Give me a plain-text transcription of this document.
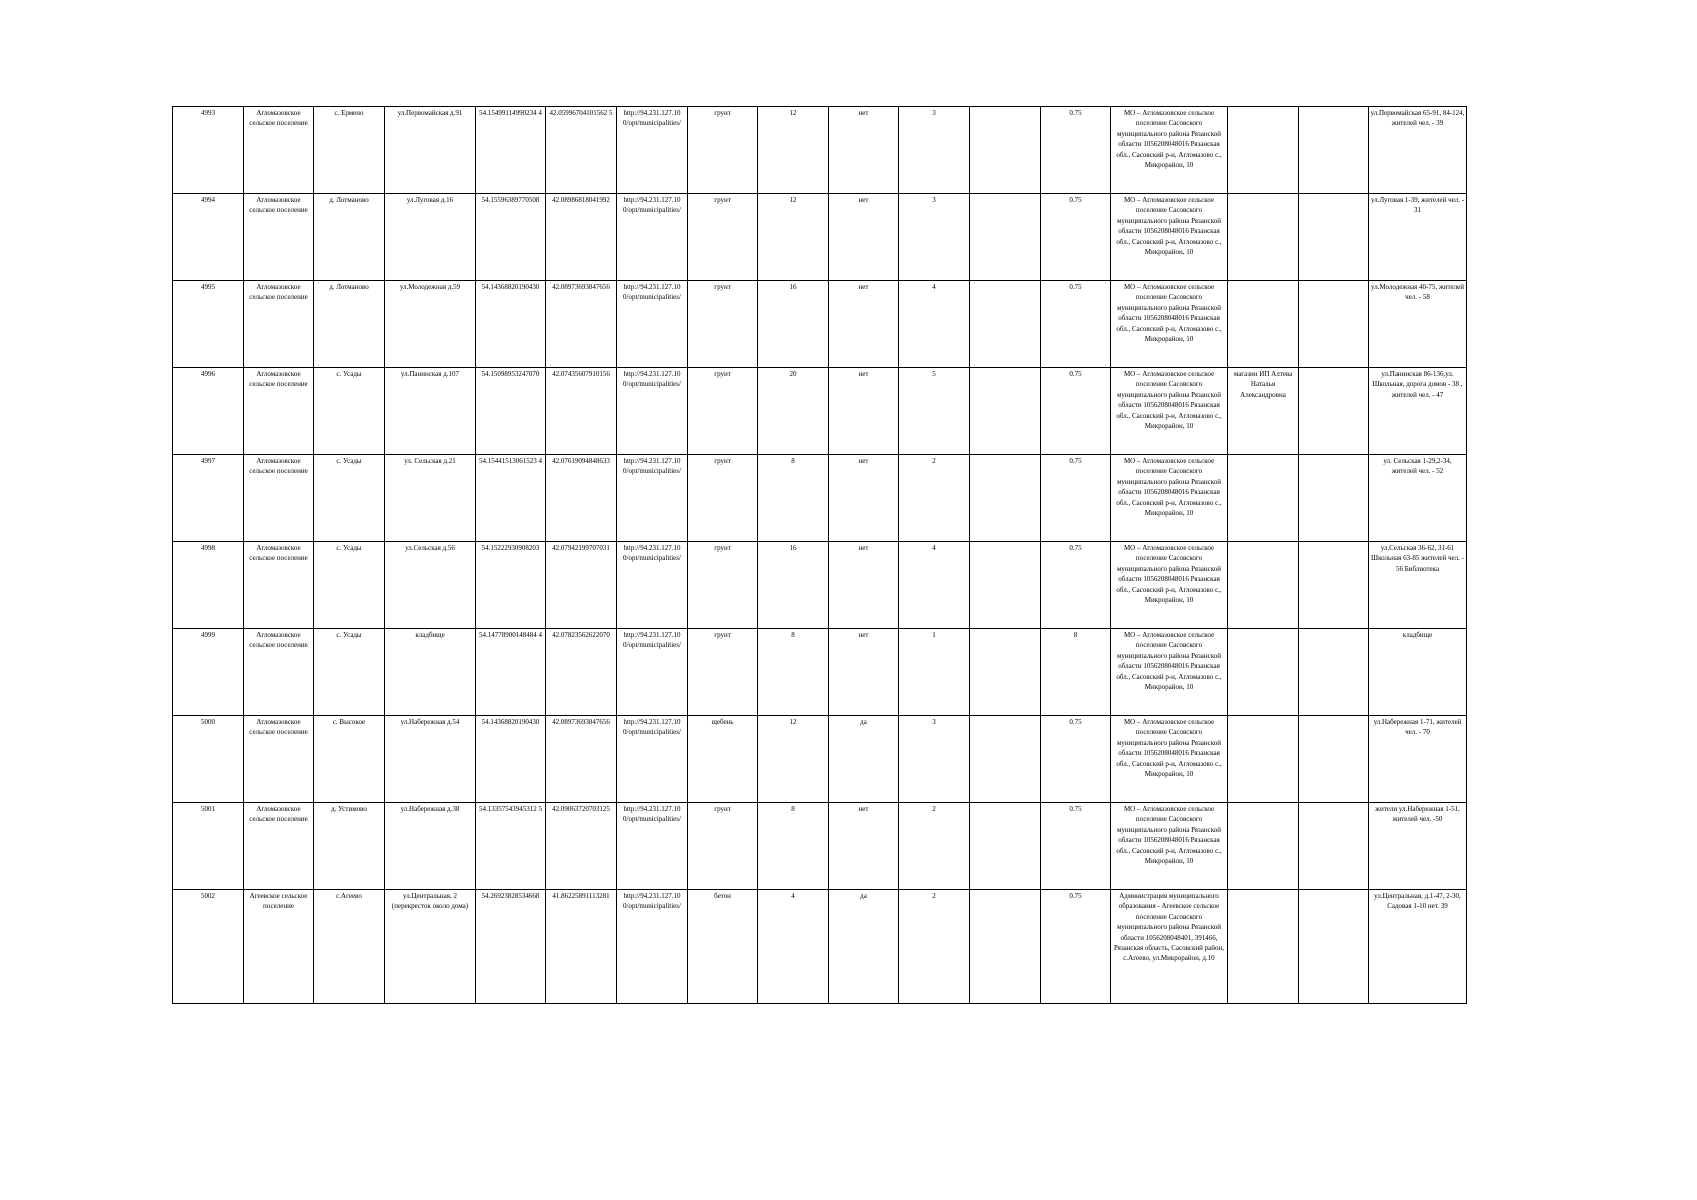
4993	Агломазовское сельское поселение	с. Ермено	ул.Первомайская д.91	54.15499114990234 4	42.05996704101562 5	http://94.231.127.10 0/opt/municipalities/	грунт	12	нет	3		0.75	МО – Агломазовское сельское поселение Сасовского муниципального района Рязанской области 1056208048016 Рязанская обл., Сасовский р-н, Агломазово с., Микрорайон, 10			ул.Первомайская 65-91, 84-124, жителей чел. - 39
4994	Агломазовское сельское поселение	д. Лотманово	ул.Луговая д.16	54.15596389770508	42.08986818041992	http://94.231.127.10 0/opt/municipalities/	грунт	12	нет	3		0.75	МО – Агломазовское сельское поселение Сасовского муниципального района Рязанской области 1056208048016 Рязанская обл., Сасовский р-н, Агломазово с., Микрорайон, 10			ул.Луговая 1-39, жителей чел. - 31
4995	Агломазовское сельское поселение	д. Лотманово	ул.Молодежная д.59	54.14368820190430	42.08973693847656	http://94.231.127.10 0/opt/municipalities/	грунт	16	нет	4		0.75	МО – Агломазовское сельское поселение Сасовского муниципального района Рязанской области 1056208048016 Рязанская обл., Сасовский р-н, Агломазово с., Микрорайон, 10			ул.Молодежная 40-75, жителей чел. - 58
4996	Агломазовское сельское поселение	с. Усады	ул.Панинская д.107	54.15098953247070	42.07435607910156	http://94.231.127.10 0/opt/municipalities/	грунт	20	нет	5		0.75	МО – Агломазовское сельское поселение Сасовского муниципального района Рязанской области 1056208048016 Рязанская обл., Сасовский р-н, Агломазово с., Микрорайон, 10	магазин ИП Алтева Наталья Александровна		ул.Панинская 86-136,ул. Школьная, дорога домов - 38 , жителей чел. - 47
4997	Агломазовское сельское поселение	с. Усады	ул. Сельская д.21	54.15441513061523 4	42.07619094848633	http://94.231.127.10 0/opt/municipalities/	грунт	8	нет	2		0.75	МО – Агломазовское сельское поселение Сасовского муниципального района Рязанской области 1056208048016 Рязанская обл., Сасовский р-н, Агломазово с., Микрорайон, 10			ул. Сельская 1-29,2-34, жителей чел. - 52
4998	Агломазовское сельское поселение	с. Усады	ул.Сельская д.56	54.15222930908203	42.07942199707031	http://94.231.127.10 0/opt/municipalities/	грунт	16	нет	4		0.75	МО – Агломазовское сельское поселение Сасовского муниципального района Рязанской области 1056208048016 Рязанская обл., Сасовский р-н, Агломазово с., Микрорайон, 10			ул.Сельская 36-62, 31-61 Школьная 63-85 жителей чел. - 56 Библиотека
4999	Агломазовское сельское поселение	с. Усады	кладбище	54.14778900148484 4	42.07823562622070	http://94.231.127.10 0/opt/municipalities/	грунт	8	нет	1		8	МО – Агломазовское сельское поселение Сасовского муниципального района Рязанской области 1056208048016 Рязанская обл., Сасовский р-н, Агломазово с., Микрорайон, 10			кладбище
5000	Агломазовское сельское поселение	с. Высокое	ул.Набережная д.54	54.14368820190430	42.08973693847656	http://94.231.127.10 0/opt/municipalities/	щебень	12	да	3		0.75	МО – Агломазовское сельское поселение Сасовского муниципального района Рязанской области 1056208048016 Рязанская обл., Сасовский р-н, Агломазово с., Микрорайон, 10			ул.Набережная 1-71, жителей чел. - 70
5001	Агломазовское сельское поселение	д. Устимово	ул.Набережная д.38	54.13357543945312 5	42.09063720703125	http://94.231.127.10 0/opt/municipalities/	грунт	8	нет	2		0.75	МО – Агломазовское сельское поселение Сасовского муниципального района Рязанской области 1056208048016 Рязанская обл., Сасовский р-н, Агломазово с., Микрорайон, 10			жители ул.Набережная 1-51, жителей чел. -50
5002	Агеевское сельское поселение	с.Агеево	ул.Центральная, 2 (перекресток около дома)	54.26923828534668	41.86225891113281	http://94.231.127.10 0/opt/municipalities/	бетон	4	да	2		0.75	Администрация муниципального образования - Агеевское сельское поселение Сасовского муниципального района Рязанской области 1056208048401, 391466, Рязанская область, Сасовский район, с.Агеево, ул.Микрорайон, д.10			ул.Центральная, д.1-47, 2-30, Садовая 1-10 нет. 39
